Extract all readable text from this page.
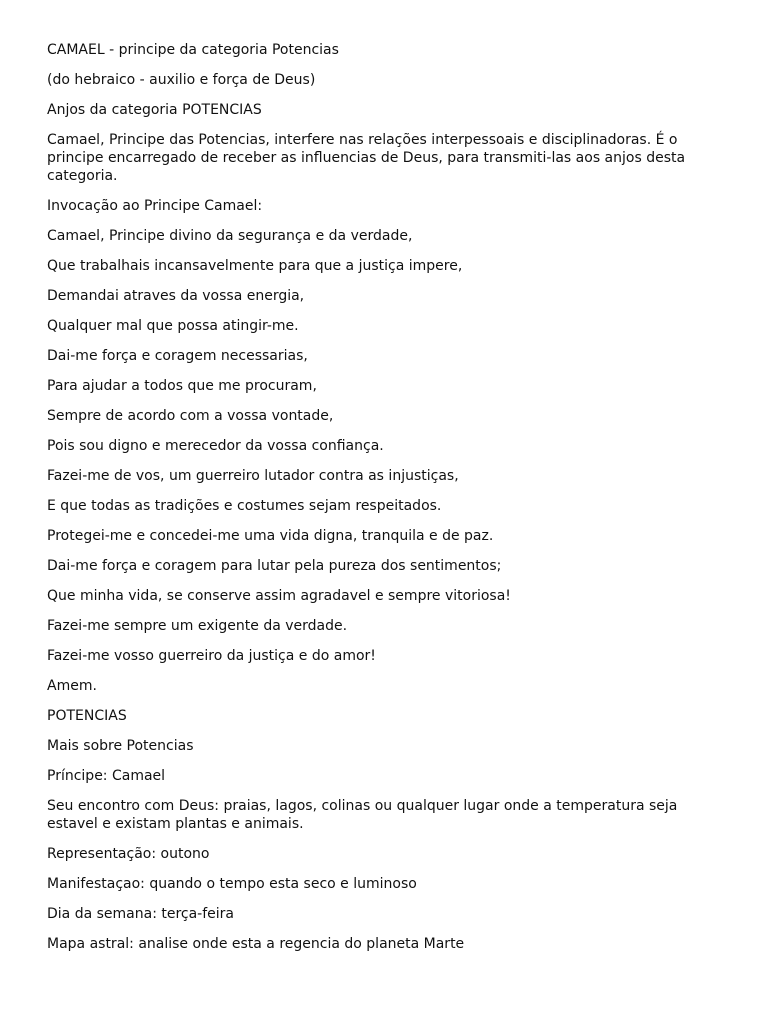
CAMAEL - principe da categoria Potencias

(do hebraico - auxilio e força de Deus)

Anjos da categoria POTENCIAS

Camael, Principe das Potencias, interfere nas relações interpessoais e disciplinadoras. É o principe encarregado de receber as influencias de Deus, para transmiti-las aos anjos desta categoria.

Invocação ao Principe Camael:

Camael, Principe divino da segurança e da verdade,

Que trabalhais incansavelmente para que a justiça impere,

Demandai atraves da vossa energia,

Qualquer mal que possa atingir-me.

Dai-me força e coragem necessarias,

Para ajudar a todos que me procuram,

Sempre de acordo com a vossa vontade,

Pois sou digno e merecedor da vossa confiança.

Fazei-me de vos, um guerreiro lutador contra as injustiças,

E que todas as tradições e costumes sejam respeitados.

Protegei-me e concedei-me uma vida digna, tranquila e de paz.

Dai-me força e coragem para lutar pela pureza dos sentimentos;

Que minha vida, se conserve assim agradavel e sempre vitoriosa!

Fazei-me sempre um exigente da verdade.

Fazei-me vosso guerreiro da justiça e do amor!

Amem.

POTENCIAS

Mais sobre Potencias

Príncipe: Camael

Seu encontro com Deus: praias, lagos, colinas ou qualquer lugar onde a temperatura seja estavel e existam plantas e animais.

Representação: outono

Manifestaçao: quando o tempo esta seco e luminoso

Dia da semana: terça-feira

Mapa astral: analise onde esta a regencia do planeta Marte
